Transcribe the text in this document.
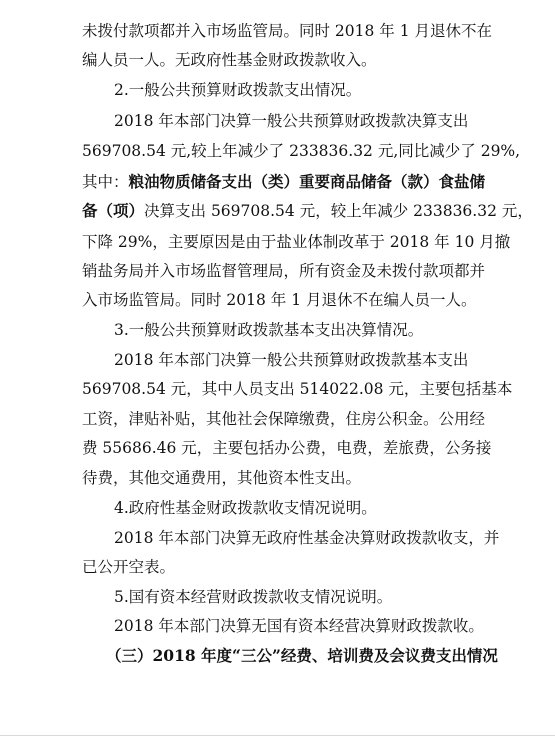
未拨付款项都并入市场监管局。同时 2018 年 1 月退休不在
编人员一人。无政府性基金财政拨款收入。
2.一般公共预算财政拨款支出情况。
2018 年本部门决算一般公共预算财政拨款决算支出
569708.54 元,较上年减少了 233836.32 元,同比减少了 29%,
其中：粮油物质储备支出（类）重要商品储备（款）食盐储
备（项）决算支出 569708.54 元，较上年减少 233836.32 元，
下降 29%，主要原因是由于盐业体制改革于 2018 年 10 月撤
销盐务局并入市场监督管理局，所有资金及未拨付款项都并
入市场监管局。同时 2018 年 1 月退休不在编人员一人。
3.一般公共预算财政拨款基本支出决算情况。
2018 年本部门决算一般公共预算财政拨款基本支出
569708.54 元，其中人员支出 514022.08 元，主要包括基本
工资，津贴补贴，其他社会保障缴费，住房公积金。公用经
费 55686.46 元，主要包括办公费，电费，差旅费，公务接
待费，其他交通费用，其他资本性支出。
4.政府性基金财政拨款收支情况说明。
2018 年本部门决算无政府性基金决算财政拨款收支，并
已公开空表。
5.国有资本经营财政拨款收支情况说明。
2018 年本部门决算无国有资本经营决算财政拨款收。
（三）2018 年度“三公”经费、培训费及会议费支出情况
